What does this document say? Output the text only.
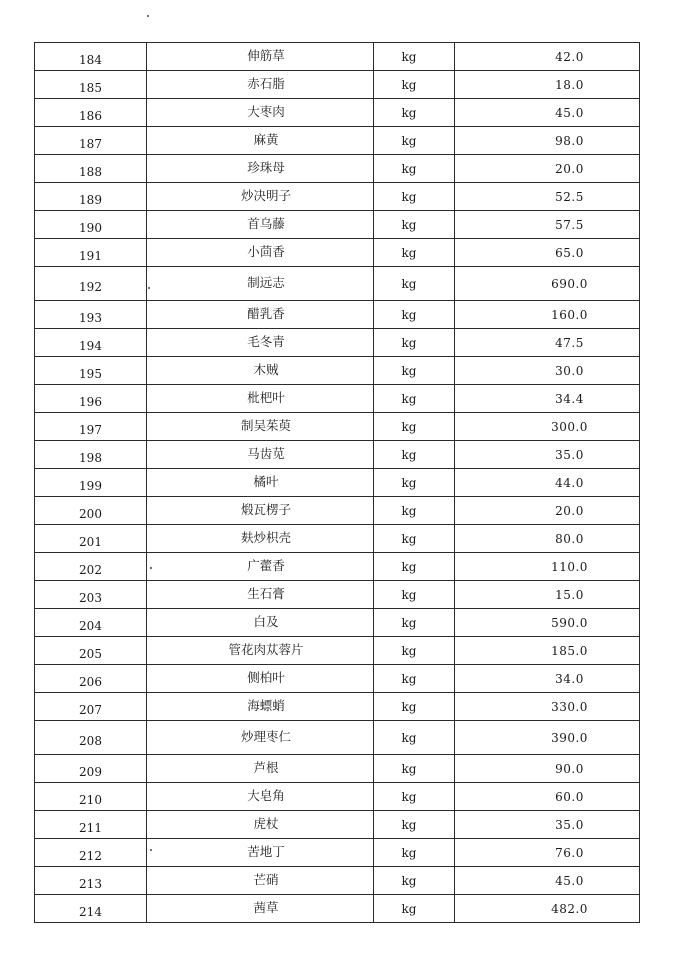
184	伸筋草	kg	42.0
185	赤石脂	kg	18.0
186	大枣肉	kg	45.0
187	麻黄	kg	98.0
188	珍珠母	kg	20.0
189	炒决明子	kg	52.5
190	首乌藤	kg	57.5
191	小茴香	kg	65.0
192	制远志	kg	690.0
193	醋乳香	kg	160.0
194	毛冬青	kg	47.5
195	木贼	kg	30.0
196	枇杷叶	kg	34.4
197	制吴茱萸	kg	300.0
198	马齿苋	kg	35.0
199	橘叶	kg	44.0
200	煅瓦楞子	kg	20.0
201	麸炒枳壳	kg	80.0
202	广藿香	kg	110.0
203	生石膏	kg	15.0
204	白及	kg	590.0
205	管花肉苁蓉片	kg	185.0
206	侧柏叶	kg	34.0
207	海螵蛸	kg	330.0
208	炒理枣仁	kg	390.0
209	芦根	kg	90.0
210	大皂角	kg	60.0
211	虎杖	kg	35.0
212	苦地丁	kg	76.0
213	芒硝	kg	45.0
214	茜草	kg	482.0
